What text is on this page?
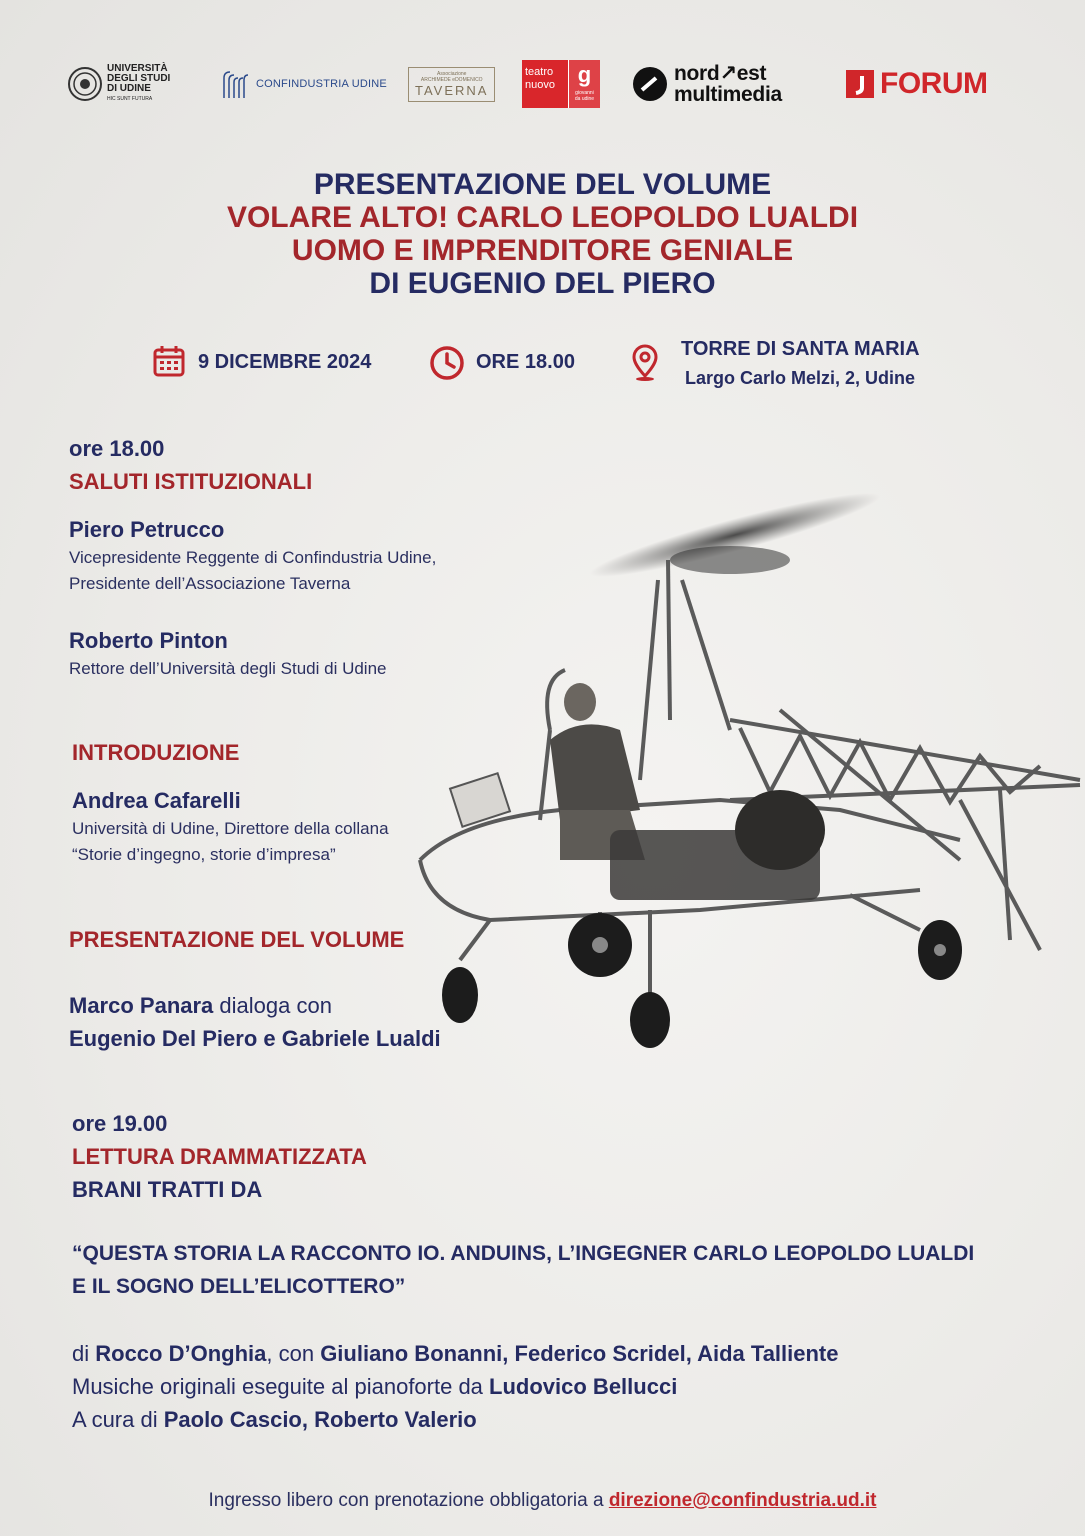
UNIVERSITÀ
DEGLI STUDI
DI UDINE
HIC SUNT FUTURA
CONFINDUSTRIA UDINE
Associazione
ARCHIMEDE eDOMENICO
TAVERNA
teatro
nuovo	g
giovanni
da udine
nord↗est
multimedia	FORUM
PRESENTAZIONE DEL VOLUME
VOLARE ALTO! CARLO LEOPOLDO LUALDI
UOMO E IMPRENDITORE GENIALE
DI EUGENIO DEL PIERO
9 DICEMBRE 2024	ORE 18.00
TORRE DI SANTA MARIA
Largo Carlo Melzi, 2, Udine
ore 18.00
SALUTI ISTITUZIONALI
Piero Petrucco
Vicepresidente Reggente di Confindustria Udine,
Presidente dell’Associazione Taverna
Roberto Pinton
Rettore dell’Università degli Studi di Udine
INTRODUZIONE
Andrea Cafarelli
Università di Udine, Direttore della collana
“Storie d’ingegno, storie d’impresa”
PRESENTAZIONE DEL VOLUME
Marco Panara dialoga con
Eugenio Del Piero e Gabriele Lualdi
ore 19.00
LETTURA DRAMMATIZZATA
BRANI TRATTI DA
“QUESTA STORIA LA RACCONTO IO. ANDUINS, L’INGEGNER CARLO LEOPOLDO LUALDI
E IL SOGNO DELL’ELICOTTERO”
di Rocco D’Onghia, con Giuliano Bonanni, Federico Scridel, Aida Talliente
Musiche originali eseguite al pianoforte da Ludovico Bellucci
A cura di Paolo Cascio, Roberto Valerio
Ingresso libero con prenotazione obbligatoria a direzione@confindustria.ud.it
